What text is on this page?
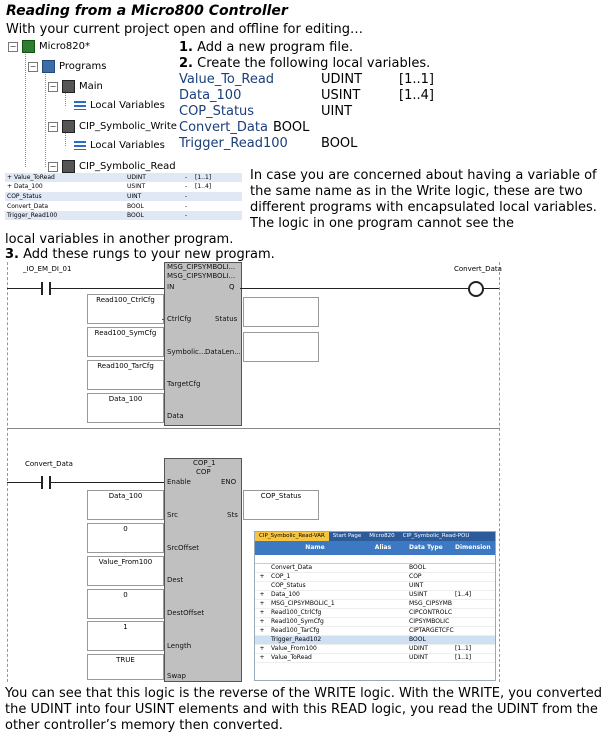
Reading from a Micro800 Controller
With your current project open and offline for editing…
− Micro820*
− Programs
− Main
Local Variables
− CIP_Symbolic_Write
Local Variables
− CIP_Symbolic_Read
1.
Add a new program file.
2.
Create the following local variables.
Value_To_Read	UDINT	[1..1]
Data_100	USINT	[1..4]
COP_Status	UINT
Convert_Data BOOL
Trigger_Read100	BOOL
+ Value_ToRead	UDINT	-	[1..1]
+ Data_100	USINT	-	[1..4]
COP_Status	UINT	-
Convert_Data	BOOL	-
Trigger_Read100	BOOL	-
In case you are concerned about having a variable of the same name as in the Write logic, these are two different programs with encapsulated local variables. The logic in one program cannot see the
local variables in another program.
3. Add these rungs to your new program.
_IO_EM_DI_01	MSG_CIPSYMBOLI...
MSG_CIPSYMBOLI...
IN	Q
Convert_Data
Read100_CtrlCfg
CtrlCfg	Status
Read100_SymCfg
Symbolic... DataLen...
Read100_TarCfg
TargetCfg
Data_100
Data
Convert_Data	COP_1
COP
Enable	ENO
Data_100
Src	Sts
COP_Status
0
SrcOffset
Value_From100
Dest
0
DestOffset
1
Length
TRUE
Swap
CIP_Symbolic_Read-VAR	Start Page	Micro820	CIP_Symbolic_Read-POU
Name	Alias	Data Type	Dimension
Convert_Data	BOOL
+	COP_1	COP
COP_Status	UINT
+	Data_100	USINT	[1..4]
+	MSG_CIPSYMBOLIC_1	MSG_CIPSYMB
+	Read100_CtrlCfg	CIPCONTROLC
+	Read100_SymCfg	CIPSYMBOLIC
+	Read100_TarCfg	CIPTARGETCFC
Trigger_Read102	BOOL
+	Value_From100	UDINT	[1..1]
+	Value_ToRead	UDINT	[1..1]
You can see that this logic is the reverse of the WRITE logic. With the WRITE, you converted the UDINT into four USINT elements and with this READ logic, you read the UDINT from the other controller’s memory then converted.
